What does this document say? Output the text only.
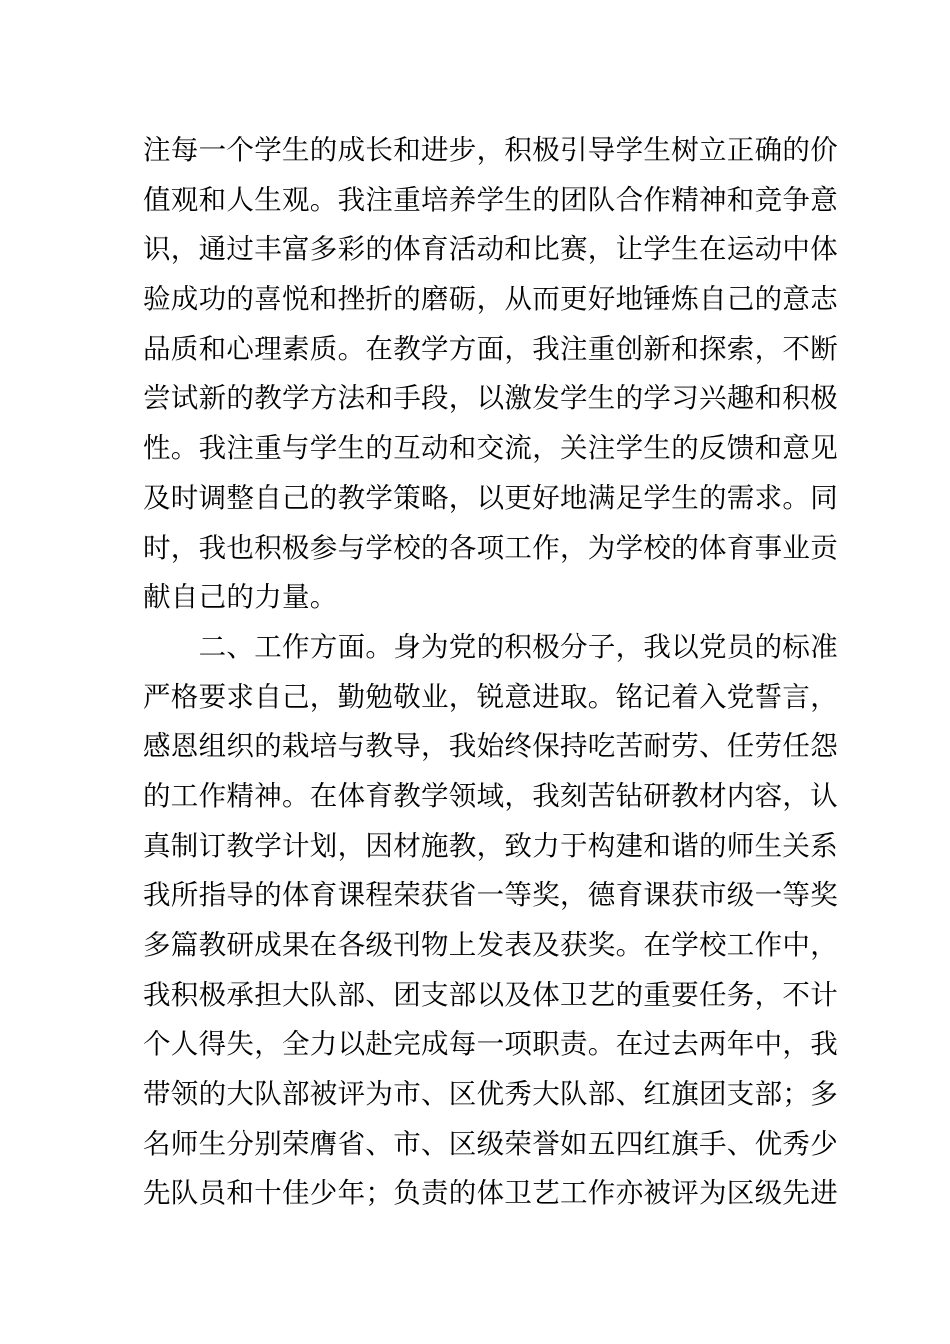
注每一个学生的成长和进步，积极引导学生树立正确的价
值观和人生观。我注重培养学生的团队合作精神和竞争意
识，通过丰富多彩的体育活动和比赛，让学生在运动中体
验成功的喜悦和挫折的磨砺，从而更好地锤炼自己的意志
品质和心理素质。在教学方面，我注重创新和探索，不断
尝试新的教学方法和手段，以激发学生的学习兴趣和积极
性。我注重与学生的互动和交流，关注学生的反馈和意见
及时调整自己的教学策略，以更好地满足学生的需求。同
时，我也积极参与学校的各项工作，为学校的体育事业贡
献自己的力量。
　　二、工作方面。身为党的积极分子，我以党员的标准
严格要求自己，勤勉敬业，锐意进取。铭记着入党誓言，
感恩组织的栽培与教导，我始终保持吃苦耐劳、任劳任怨
的工作精神。在体育教学领域，我刻苦钻研教材内容，认
真制订教学计划，因材施教，致力于构建和谐的师生关系
我所指导的体育课程荣获省一等奖，德育课获市级一等奖
多篇教研成果在各级刊物上发表及获奖。在学校工作中，
我积极承担大队部、团支部以及体卫艺的重要任务，不计
个人得失，全力以赴完成每一项职责。在过去两年中，我
带领的大队部被评为市、区优秀大队部、红旗团支部；多
名师生分别荣膺省、市、区级荣誉如五四红旗手、优秀少
先队员和十佳少年；负责的体卫艺工作亦被评为区级先进
